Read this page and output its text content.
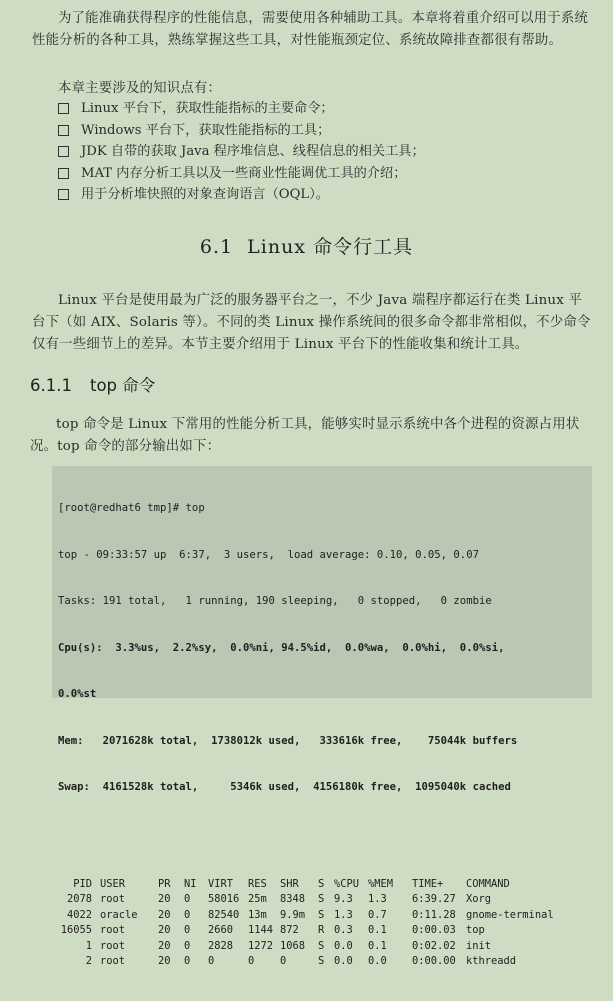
为了能准确获得程序的性能信息，需要使用各种辅助工具。本章将着重介绍可以用于系统性能分析的各种工具，熟练掌握这些工具，对性能瓶颈定位、系统故障排查都很有帮助。
本章主要涉及的知识点有：
Linux 平台下，获取性能指标的主要命令；
Windows 平台下，获取性能指标的工具；
JDK 自带的获取 Java 程序堆信息、线程信息的相关工具；
MAT 内存分析工具以及一些商业性能调优工具的介绍；
用于分析堆快照的对象查询语言（OQL）。
6.1 Linux 命令行工具
Linux 平台是使用最为广泛的服务器平台之一，不少 Java 端程序都运行在类 Linux 平台下（如 AIX、Solaris 等）。不同的类 Linux 操作系统间的很多命令都非常相似，不少命令仅有一些细节上的差异。本节主要介绍用于 Linux 平台下的性能收集和统计工具。
6.1.1 top 命令
top 命令是 Linux 下常用的性能分析工具，能够实时显示系统中各个进程的资源占用状况。top 命令的部分输出如下：

[root@redhat6 tmp]# top

top - 09:33:57 up  6:37,  3 users,  load average: 0.10, 0.05, 0.07

Tasks: 191 total,   1 running, 190 sleeping,   0 stopped,   0 zombie

Cpu(s):  3.3%us,  2.2%sy,  0.0%ni, 94.5%id,  0.0%wa,  0.0%hi,  0.0%si,

0.0%st

Mem:   2071628k total,  1738012k used,   333616k free,    75044k buffers

Swap:  4161528k total,     5346k used,  4156180k free,  1095040k cached

PID	USER	PR	NI	VIRT	RES	SHR	S	%CPU	%MEM	TIME+	COMMAND
2078	root	20	0	58016	25m	8348	S	9.3	1.3	6:39.27	Xorg
4022	oracle	20	0	82540	13m	9.9m	S	1.3	0.7	0:11.28	gnome-terminal
16055	root	20	0	2660	1144	872	R	0.3	0.1	0:00.03	top
1	root	20	0	2828	1272	1068	S	0.0	0.1	0:02.02	init
2	root	20	0	0	0	0	S	0.0	0.0	0:00.00	kthreadd
